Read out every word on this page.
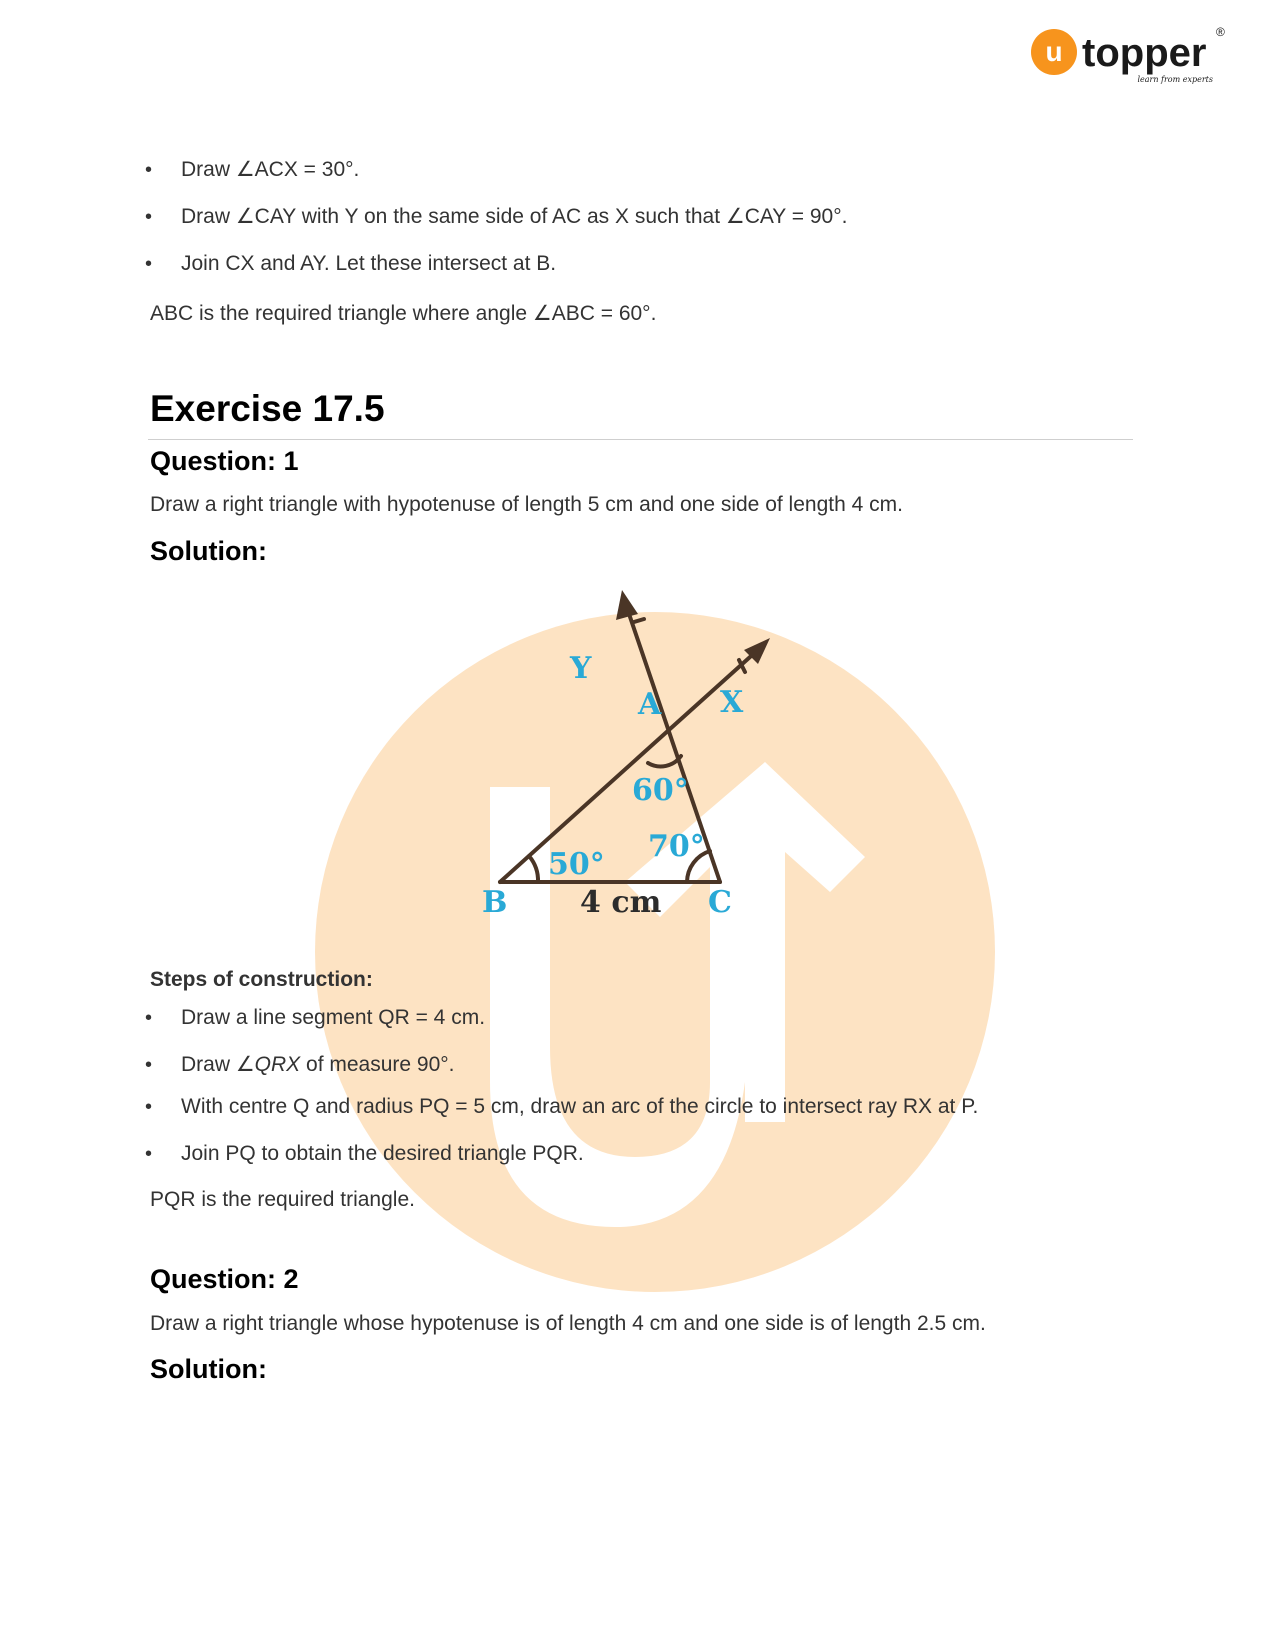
u topper ®
learn from experts
• Draw ∠ACX = 30°.
• Draw ∠CAY with Y on the same side of AC as X such that ∠CAY = 90°.
• Join CX and AY. Let these intersect at B.
ABC is the required triangle where angle ∠ABC = 60°.
Exercise 17.5
Question: 1
Draw a right triangle with hypotenuse of length 5 cm and one side of length 4 cm.
Solution:
Y
A X
B	C
60°
50°
70°
4 cm
Steps of construction:
• Draw a line segment QR = 4 cm.
• Draw ∠QRX of measure 90°.
• With centre Q and radius PQ = 5 cm, draw an arc of the circle to intersect ray RX at P.
• Join PQ to obtain the desired triangle PQR.
PQR is the required triangle.
Question: 2
Draw a right triangle whose hypotenuse is of length 4 cm and one side is of length 2.5 cm.
Solution:
